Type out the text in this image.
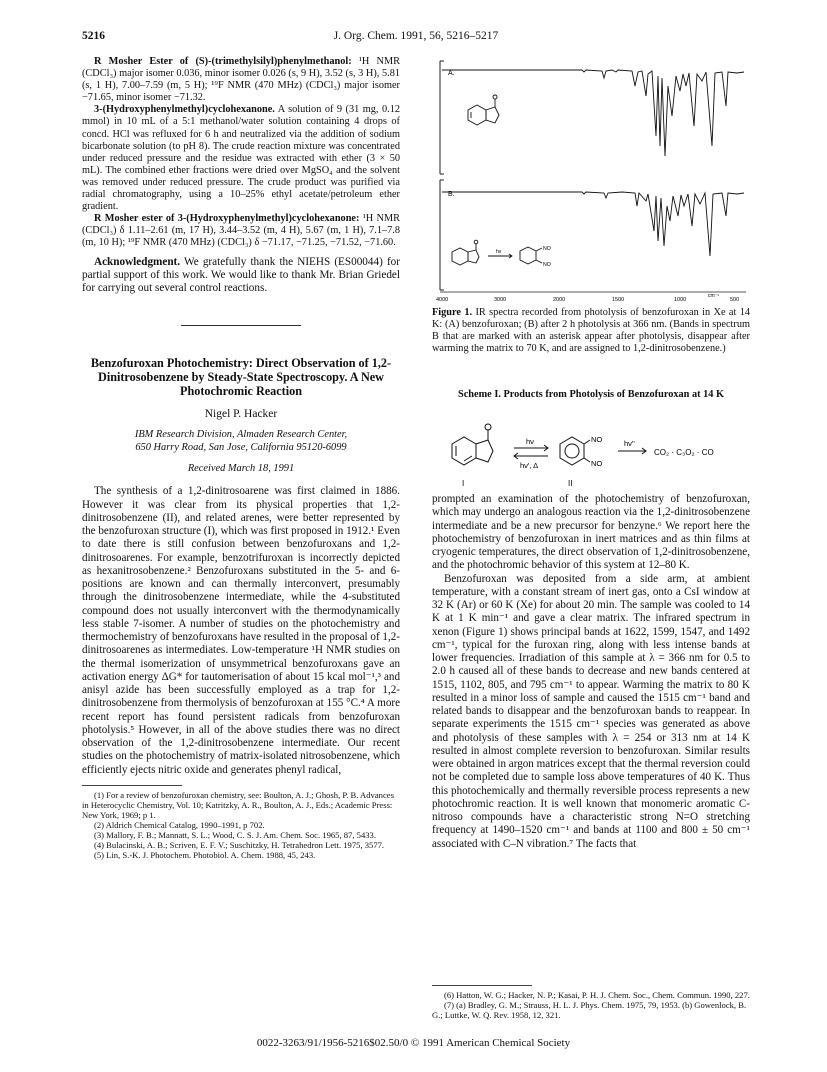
5216	J. Org. Chem. 1991, 56, 5216–5217

R Mosher Ester of (S)-(trimethylsilyl)phenylmethanol: ¹H NMR (CDCl₃) major isomer 0.036, minor isomer 0.026 (s, 9 H), 3.52 (s, 3 H), 5.81 (s, 1 H), 7.00–7.59 (m, 5 H); ¹⁹F NMR (470 MHz) (CDCl₃) major isomer −71.65, minor isomer −71.32.

3-(Hydroxyphenylmethyl)cyclohexanone. A solution of 9 (31 mg, 0.12 mmol) in 10 mL of a 5:1 methanol/water solution containing 4 drops of concd. HCl was refluxed for 6 h and neutralized via the addition of sodium bicarbonate solution (to pH 8). The crude reaction mixture was concentrated under reduced pressure and the residue was extracted with ether (3 × 50 mL). The combined ether fractions were dried over MgSO₄ and the solvent was removed under reduced pressure. The crude product was purified via radial chromatography, using a 10–25% ethyl acetate/petroleum ether gradient.

R Mosher ester of 3-(Hydroxyphenylmethyl)cyclohexanone: ¹H NMR (CDCl₃) δ 1.11–2.61 (m, 17 H), 3.44–3.52 (m, 4 H), 5.67 (m, 1 H), 7.1–7.8 (m, 10 H); ¹⁹F NMR (470 MHz) (CDCl₃) δ −71.17, −71.25, −71.52, −71.60.

Acknowledgment. We gratefully thank the NIEHS (ES00044) for partial support of this work. We would like to thank Mr. Brian Griedel for carrying out several control reactions.

Benzofuroxan Photochemistry: Direct Observation of 1,2-Dinitrosobenzene by Steady-State Spectroscopy. A New Photochromic Reaction
Nigel P. Hacker
IBM Research Division, Almaden Research Center,
650 Harry Road, San Jose, California 95120-6099
Received March 18, 1991

The synthesis of a 1,2-dinitrosoarene was first claimed in 1886. However it was clear from its physical properties that 1,2-dinitrosobenzene (II), and related arenes, were better represented by the benzofuroxan structure (I), which was first proposed in 1912.¹ Even to date there is still confusion between benzofuroxans and 1,2-dinitrosoarenes. For example, benzotrifuroxan is incorrectly depicted as hexanitrosobenzene.² Benzofuroxans substituted in the 5- and 6-positions are known and can thermally interconvert, presumably through the dinitrosobenzene intermediate, while the 4-substituted compound does not usually interconvert with the thermodynamically less stable 7-isomer. A number of studies on the photochemistry and thermochemistry of benzofuroxans have resulted in the proposal of 1,2-dinitrosoarenes as intermediates. Low-temperature ¹H NMR studies on the thermal isomerization of unsymmetrical benzofuroxans gave an activation energy ΔG* for tautomerisation of about 15 kcal mol⁻¹,³ and anisyl azide has been successfully employed as a trap for 1,2-dinitrosobenzene from thermolysis of benzofuroxan at 155 °C.⁴ A more recent report has found persistent radicals from benzofuroxan photolysis.⁵ However, in all of the above studies there was no direct observation of the 1,2-dinitrosobenzene intermediate. Our recent studies on the photochemistry of matrix-isolated nitrosobenzene, which efficiently ejects nitric oxide and generates phenyl radical,

(1) For a review of benzofuroxan chemistry, see: Boulton, A. J.; Ghosh, P. B. Advances in Heterocyclic Chemistry, Vol. 10; Katritzky, A. R., Boulton, A. J., Eds.; Academic Press: New York, 1969; p 1.

(2) Aldrich Chemical Catalog, 1990–1991, p 702.

(3) Mallory, F. B.; Mannatt, S. L.; Wood, C. S. J. Am. Chem. Soc. 1965, 87, 5433.

(4) Bulacinski, A. B.; Scriven, E. F. V.; Suschitzky, H. Tetrahedron Lett. 1975, 3577.

(5) Lin, S.-K. J. Photochem. Photobiol. A. Chem. 1988, 45, 243.

A.
B.
hν	NO
NO
4000	3000	2000	1500	1000	500
cm⁻¹
Figure 1. IR spectra recorded from photolysis of benzofuroxan in Xe at 14 K: (A) benzofuroxan; (B) after 2 h photolysis at 366 nm. (Bands in spectrum B that are marked with an asterisk appear after photolysis, disappear after warming the matrix to 70 K, and are assigned to 1,2-dinitrosobenzene.)
Scheme I. Products from Photolysis of Benzofuroxan at 14 K
hν
hν', Δ
NO
NO
hν''
CO₂ · C₃O₂ · CO
I	II

prompted an examination of the photochemistry of benzofuroxan, which may undergo an analogous reaction via the 1,2-dinitrosobenzene intermediate and be a new precursor for benzyne.⁶ We report here the photochemistry of benzofuroxan in inert matrices and as thin films at cryogenic temperatures, the direct observation of 1,2-dinitrosobenzene, and the photochromic behavior of this system at 12–80 K.

Benzofuroxan was deposited from a side arm, at ambient temperature, with a constant stream of inert gas, onto a CsI window at 32 K (Ar) or 60 K (Xe) for about 20 min. The sample was cooled to 14 K at 1 K min⁻¹ and gave a clear matrix. The infrared spectrum in xenon (Figure 1) shows principal bands at 1622, 1599, 1547, and 1492 cm⁻¹, typical for the furoxan ring, along with less intense bands at lower frequencies. Irradiation of this sample at λ = 366 nm for 0.5 to 2.0 h caused all of these bands to decrease and new bands centered at 1515, 1102, 805, and 795 cm⁻¹ to appear. Warming the matrix to 80 K resulted in a minor loss of sample and caused the 1515 cm⁻¹ band and related bands to disappear and the benzofuroxan bands to reappear. In separate experiments the 1515 cm⁻¹ species was generated as above and photolysis of these samples with λ = 254 or 313 nm at 14 K resulted in almost complete reversion to benzofuroxan. Similar results were obtained in argon matrices except that the thermal reversion could not be completed due to sample loss above temperatures of 40 K. Thus this photochemically and thermally reversible process represents a new photochromic reaction. It is well known that monomeric aromatic C-nitroso compounds have a characteristic strong N=O stretching frequency at 1490–1520 cm⁻¹ and bands at 1100 and 800 ± 50 cm⁻¹ associated with C–N vibration.⁷ The facts that

(6) Hatton, W. G.; Hacker, N. P.; Kasai, P. H. J. Chem. Soc., Chem. Commun. 1990, 227.

(7) (a) Bradley, G. M.; Strauss, H. L. J. Phys. Chem. 1975, 79, 1953. (b) Gowenlock, B. G.; Luttke, W. Q. Rev. 1958, 12, 321.

0022-3263/91/1956-5216$02.50/0 © 1991 American Chemical Society
